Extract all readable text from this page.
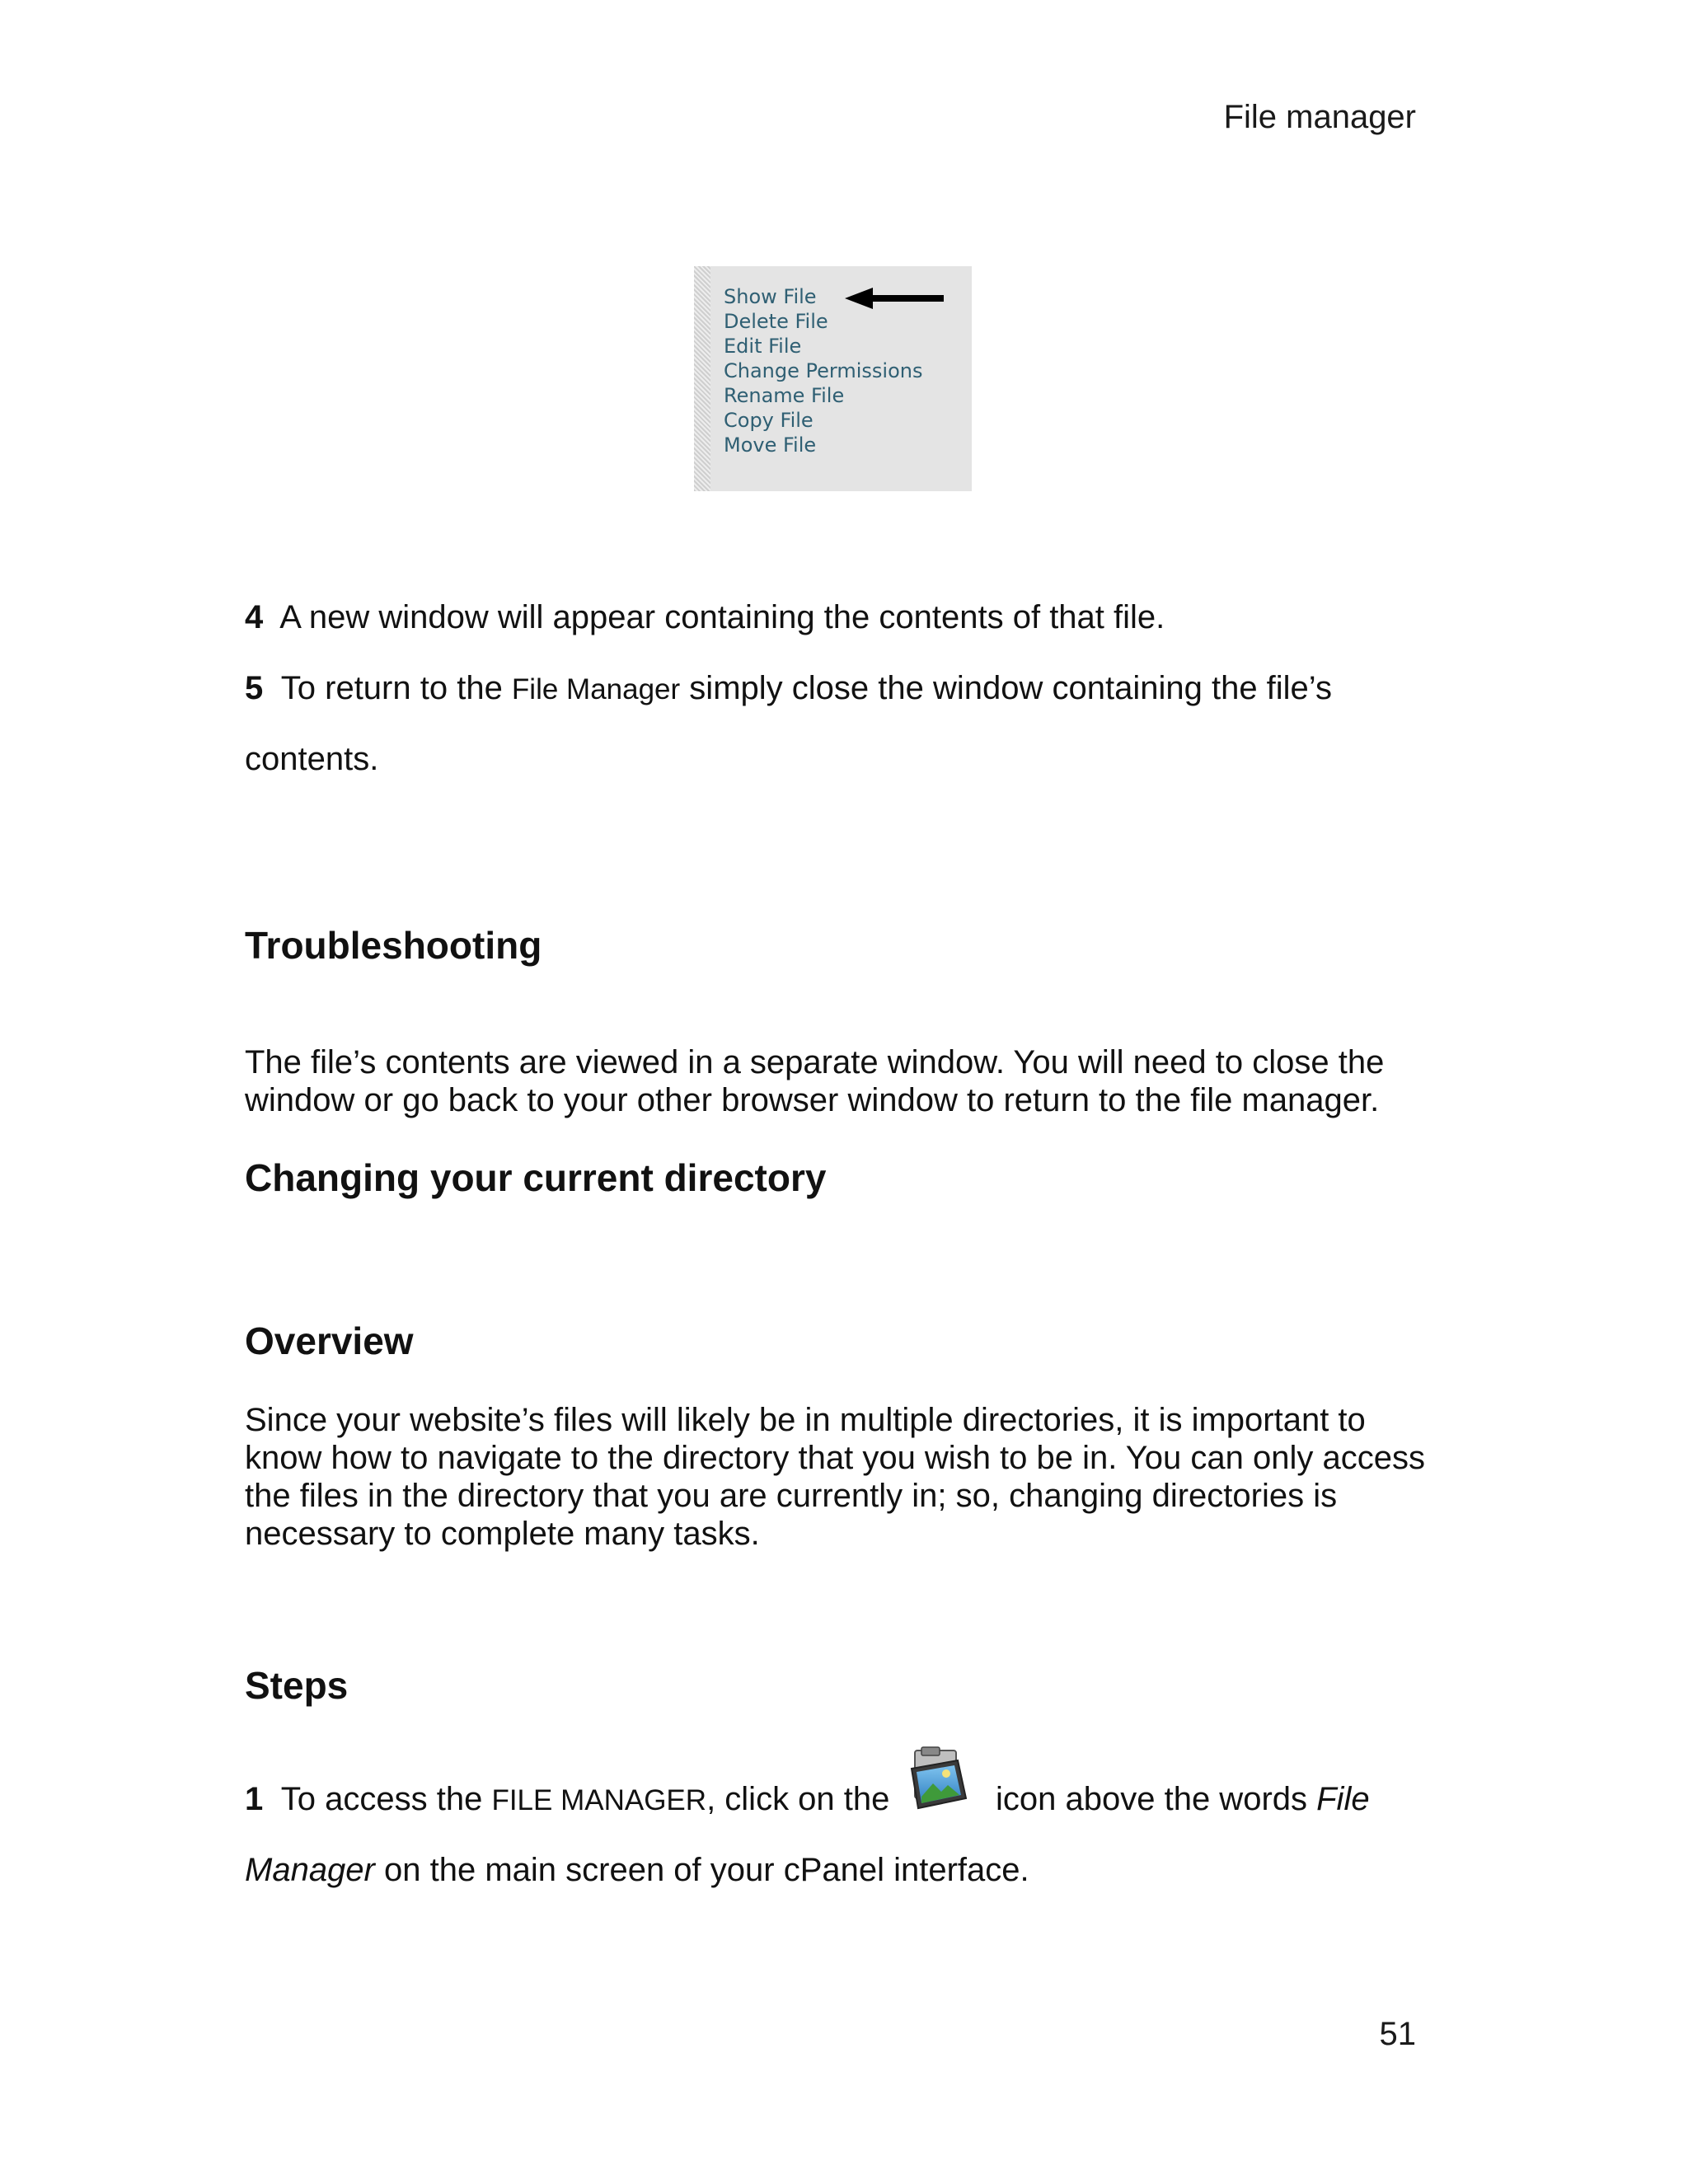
File manager
Show File
Delete File
Edit File
Change Permissions
Rename File
Copy File
Move File
4 A new window will appear containing the contents of that file.
5 To return to the File Manager simply close the window containing the file’s
contents.
Troubleshooting
The file’s contents are viewed in a separate window. You will need to close the
window or go back to your other browser window to return to the file manager.
Changing your current directory
Overview
Since your website’s files will likely be in multiple directories, it is important to
know how to navigate to the directory that you wish to be in. You can only access
the files in the directory that you are currently in; so, changing directories is
necessary to complete many tasks.
Steps
1 To access the FILE MANAGER, click on the	icon above the words File
Manager on the main screen of your cPanel interface.
51
